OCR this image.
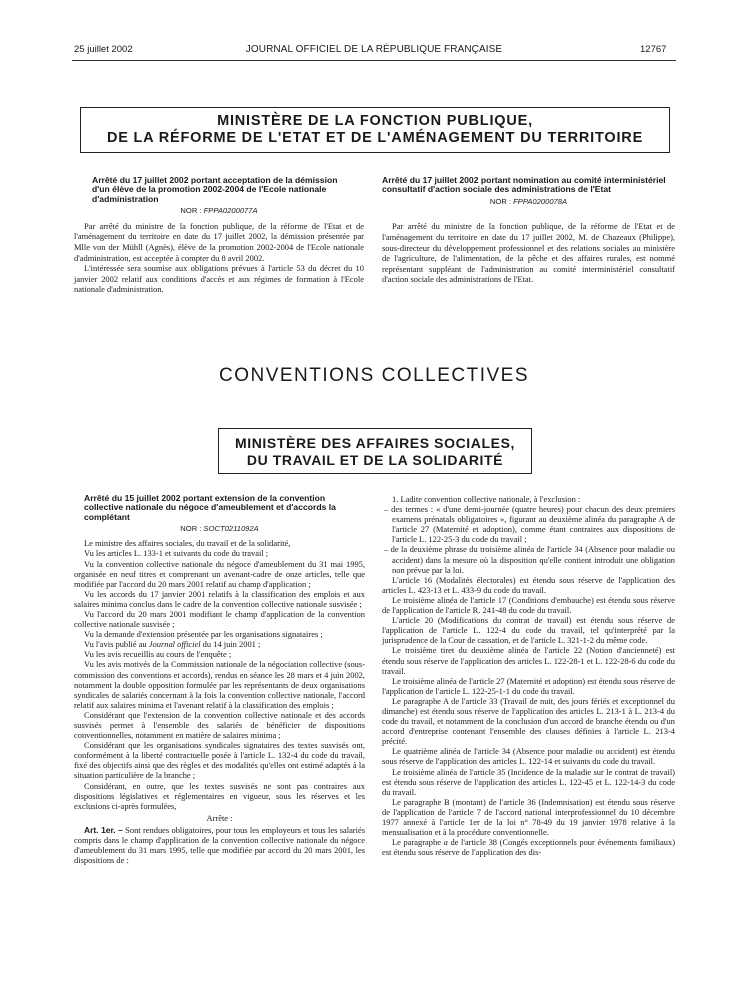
25 juillet 2002	JOURNAL OFFICIEL DE LA RÉPUBLIQUE FRANÇAISE	12767
MINISTÈRE DE LA FONCTION PUBLIQUE,
DE LA RÉFORME DE L'ETAT ET DE L'AMÉNAGEMENT DU TERRITOIRE

Arrêté du 17 juillet 2002 portant acceptation de la démission d'un élève de la promotion 2002-2004 de l'Ecole nationale d'administration

NOR : FPPA0200077A

Par arrêté du ministre de la fonction publique, de la réforme de l'Etat et de l'aménagement du territoire en date du 17 juillet 2002, la démission présentée par Mlle von der Mühll (Agnès), élève de la promotion 2002-2004 de l'Ecole nationale d'administration, est acceptée à compter du 8 avril 2002.

L'intéressée sera soumise aux obligations prévues à l'article 53 du décret du 10 janvier 2002 relatif aux conditions d'accès et aux régimes de formation à l'Ecole nationale d'administration.

Arrêté du 17 juillet 2002 portant nomination au comité interministériel consultatif d'action sociale des administrations de l'Etat

NOR : FPPA0200078A

Par arrêté du ministre de la fonction publique, de la réforme de l'Etat et de l'aménagement du territoire en date du 17 juillet 2002, M. de Chazeaux (Philippe), sous-directeur du développement professionnel et des relations sociales au ministère de l'agriculture, de l'alimentation, de la pêche et des affaires rurales, est nommé représentant suppléant de l'administration au comité interministériel consultatif d'action sociale des administrations de l'Etat.

CONVENTIONS COLLECTIVES
MINISTÈRE DES AFFAIRES SOCIALES,
DU TRAVAIL ET DE LA SOLIDARITÉ

Arrêté du 15 juillet 2002 portant extension de la convention collective nationale du négoce d'ameublement et d'accords la complétant

NOR : SOCT0211092A

Le ministre des affaires sociales, du travail et de la solidarité,

Vu les articles L. 133-1 et suivants du code du travail ;

Vu la convention collective nationale du négoce d'ameublement du 31 mai 1995, organisée en neuf titres et comprenant un avenant-cadre de onze articles, telle que modifiée par l'accord du 20 mars 2001 relatif au champ d'application ;

Vu les accords du 17 janvier 2001 relatifs à la classification des emplois et aux salaires minima conclus dans le cadre de la convention collective nationale susvisée ;

Vu l'accord du 20 mars 2001 modifiant le champ d'application de la convention collective nationale susvisée ;

Vu la demande d'extension présentée par les organisations signataires ;

Vu l'avis publié au Journal officiel du 14 juin 2001 ;

Vu les avis recueillis au cours de l'enquête ;

Vu les avis motivés de la Commission nationale de la négociation collective (sous-commission des conventions et accords), rendus en séance les 28 mars et 4 juin 2002, notamment la double opposition formulée par les représentants de deux organisations syndicales de salariés concernant à la fois la convention collective nationale, l'accord relatif aux salaires minima et l'avenant relatif à la classification des emplois ;

Considérant que l'extension de la convention collective nationale et des accords susvisés permet à l'ensemble des salariés de bénéficier de dispositions conventionnelles, notamment en matière de salaires minima ;

Considérant que les organisations syndicales signataires des textes susvisés ont, conformément à la liberté contractuelle posée à l'article L. 132-4 du code du travail, fixé des objectifs ainsi que des règles et des modalités qu'elles ont estimé adaptés à la situation particulière de la branche ;

Considérant, en outre, que les textes susvisés ne sont pas contraires aux dispositions législatives et réglementaires en vigueur, sous les réserves et les exclusions ci-après formulées,

Arrête :

Art. 1er. – Sont rendues obligatoires, pour tous les employeurs et tous les salariés compris dans le champ d'application de la convention collective nationale du négoce d'ameublement du 31 mars 1995, telle que modifiée par accord du 20 mars 2001, les dispositions de :

1. Ladite convention collective nationale, à l'exclusion :

– des termes : « d'une demi-journée (quatre heures) pour chacun des deux premiers examens prénatals obligatoires », figurant au deuxième alinéa du paragraphe A de l'article 27 (Maternité et adoption), comme étant contraires aux dispositions de l'article L. 122-25-3 du code du travail ;

– de la deuxième phrase du troisième alinéa de l'article 34 (Absence pour maladie ou accident) dans la mesure où la disposition qu'elle contient introduit une obligation non prévue par la loi.

L'article 16 (Modalités électorales) est étendu sous réserve de l'application des articles L. 423-13 et L. 433-9 du code du travail.

Le troisième alinéa de l'article 17 (Conditions d'embauche) est étendu sous réserve de l'application de l'article R. 241-48 du code du travail.

L'article 20 (Modifications du contrat de travail) est étendu sous réserve de l'application de l'article L. 122-4 du code du travail, tel qu'interprété par la jurisprudence de la Cour de cassation, et de l'article L. 321-1-2 du même code.

Le troisième tiret du deuxième alinéa de l'article 22 (Notion d'ancienneté) est étendu sous réserve de l'application des articles L. 122-28-1 et L. 122-28-6 du code du travail.

Le troisième alinéa de l'article 27 (Maternité et adoption) est étendu sous réserve de l'application de l'article L. 122-25-1-1 du code du travail.

Le paragraphe A de l'article 33 (Travail de nuit, des jours fériés et exceptionnel du dimanche) est étendu sous réserve de l'application des articles L. 213-1 à L. 213-4 du code du travail, et notamment de la conclusion d'un accord de branche étendu ou d'un accord d'entreprise contenant l'ensemble des clauses définies à l'article L. 213-4 précité.

Le quatrième alinéa de l'article 34 (Absence pour maladie ou accident) est étendu sous réserve de l'application des articles L. 122-14 et suivants du code du travail.

Le troisième alinéa de l'article 35 (Incidence de la maladie sur le contrat de travail) est étendu sous réserve de l'application des articles L. 122-45 et L. 122-14-3 du code du travail.

Le paragraphe B (montant) de l'article 36 (Indemnisation) est étendu sous réserve de l'application de l'article 7 de l'accord national interprofessionnel du 10 décembre 1977 annexé à l'article 1er de la loi n° 78-49 du 19 janvier 1978 relative à la mensualisation et à la procédure conventionnelle.

Le paragraphe a de l'article 38 (Congés exceptionnels pour événements familiaux) est étendu sous réserve de l'application des dis-
